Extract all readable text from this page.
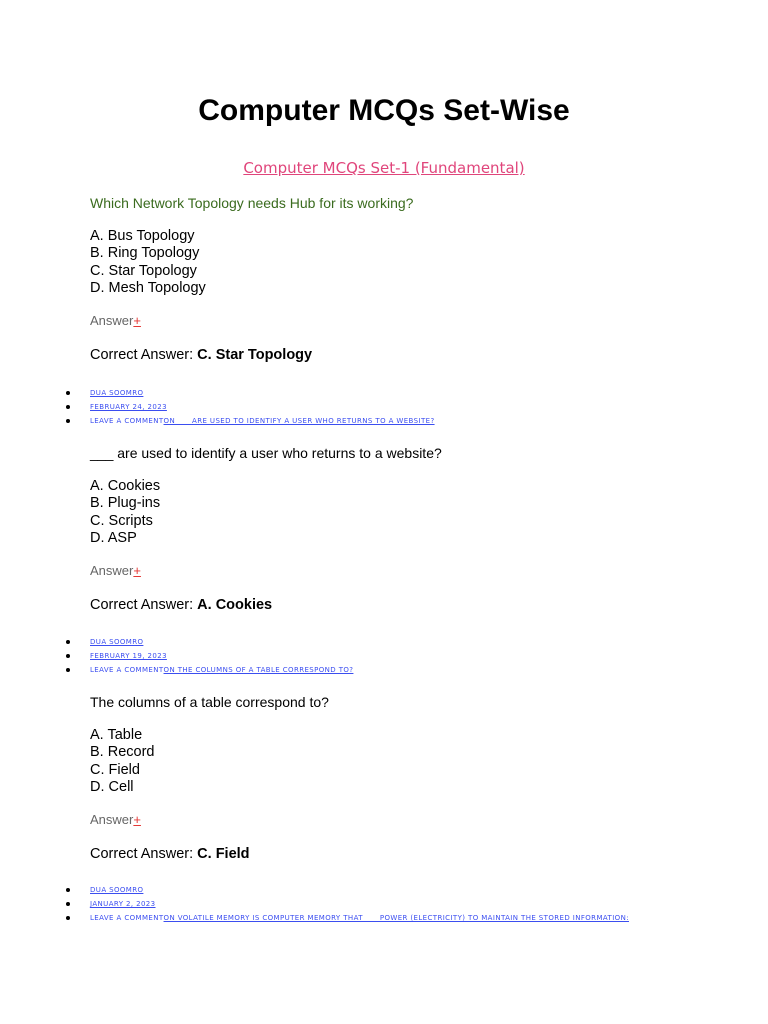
Computer MCQs Set-Wise
Computer MCQs Set-1 (Fundamental)
Which Network Topology needs Hub for its working?
A. Bus Topology
B. Ring Topology
C. Star Topology
D. Mesh Topology
Answer+
Correct Answer: C. Star Topology
DUA SOOMRO
FEBRUARY 24, 2023
LEAVE A COMMENTON ___ ARE USED TO IDENTIFY A USER WHO RETURNS TO A WEBSITE?
___ are used to identify a user who returns to a website?
A. Cookies
B. Plug-ins
C. Scripts
D. ASP
Answer+
Correct Answer: A. Cookies
DUA SOOMRO
FEBRUARY 19, 2023
LEAVE A COMMENTON THE COLUMNS OF A TABLE CORRESPOND TO?
The columns of a table correspond to?
A. Table
B. Record
C. Field
D. Cell
Answer+
Correct Answer: C. Field
DUA SOOMRO
JANUARY 2, 2023
LEAVE A COMMENTON VOLATILE MEMORY IS COMPUTER MEMORY THAT ___ POWER (ELECTRICITY) TO MAINTAIN THE STORED INFORMATION:
